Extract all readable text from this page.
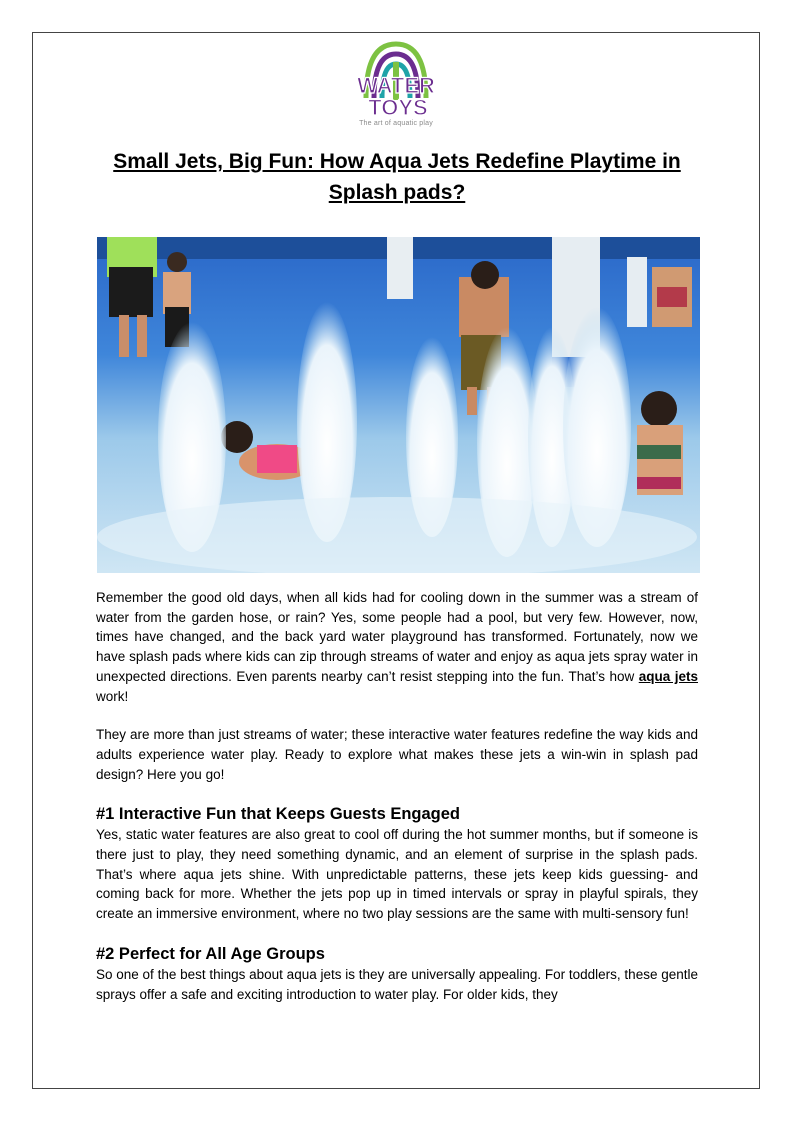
WATER
TOYS
The art of aquatic play
Small Jets, Big Fun: How Aqua Jets Redefine Playtime in Splash pads?

Remember the good old days, when all kids had for cooling down in the summer was a stream of water from the garden hose, or rain? Yes, some people had a pool, but very few. However, now, times have changed, and the back yard water playground has transformed. Fortunately, now we have splash pads where kids can zip through streams of water and enjoy as aqua jets spray water in unexpected directions. Even parents nearby can’t resist stepping into the fun. That’s how aqua jets work!

They are more than just streams of water; these interactive water features redefine the way kids and adults experience water play. Ready to explore what makes these jets a win-win in splash pad design? Here you go!

#1 Interactive Fun that Keeps Guests Engaged

Yes, static water features are also great to cool off during the hot summer months, but if someone is there just to play, they need something dynamic, and an element of surprise in the splash pads. That’s where aqua jets shine. With unpredictable patterns, these jets keep kids guessing- and coming back for more. Whether the jets pop up in timed intervals or spray in playful spirals, they create an immersive environment, where no two play sessions are the same with multi-sensory fun!

#2 Perfect for All Age Groups

So one of the best things about aqua jets is they are universally appealing. For toddlers, these gentle sprays offer a safe and exciting introduction to water play. For older kids, they
